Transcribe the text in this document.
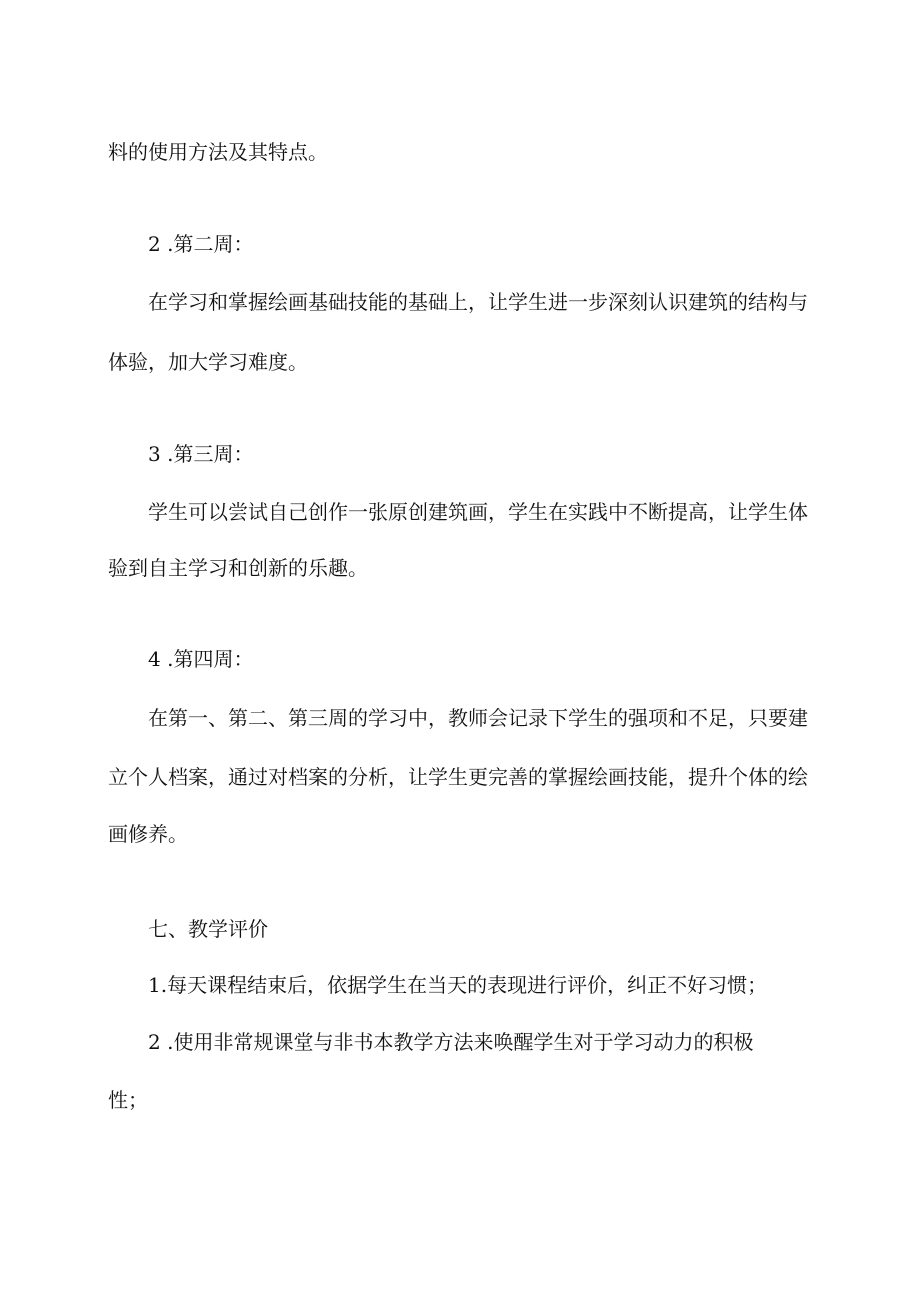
料的使用方法及其特点。
2 .第二周：
在学习和掌握绘画基础技能的基础上，让学生进一步深刻认识建筑的结构与
体验，加大学习难度。
3 .第三周：
学生可以尝试自己创作一张原创建筑画，学生在实践中不断提高，让学生体
验到自主学习和创新的乐趣。
4 .第四周：
在第一、第二、第三周的学习中，教师会记录下学生的强项和不足，只要建
立个人档案，通过对档案的分析，让学生更完善的掌握绘画技能，提升个体的绘
画修养。
七、教学评价
1.每天课程结束后，依据学生在当天的表现进行评价，纠正不好习惯；
2 .使用非常规课堂与非书本教学方法来唤醒学生对于学习动力的积极
性；
